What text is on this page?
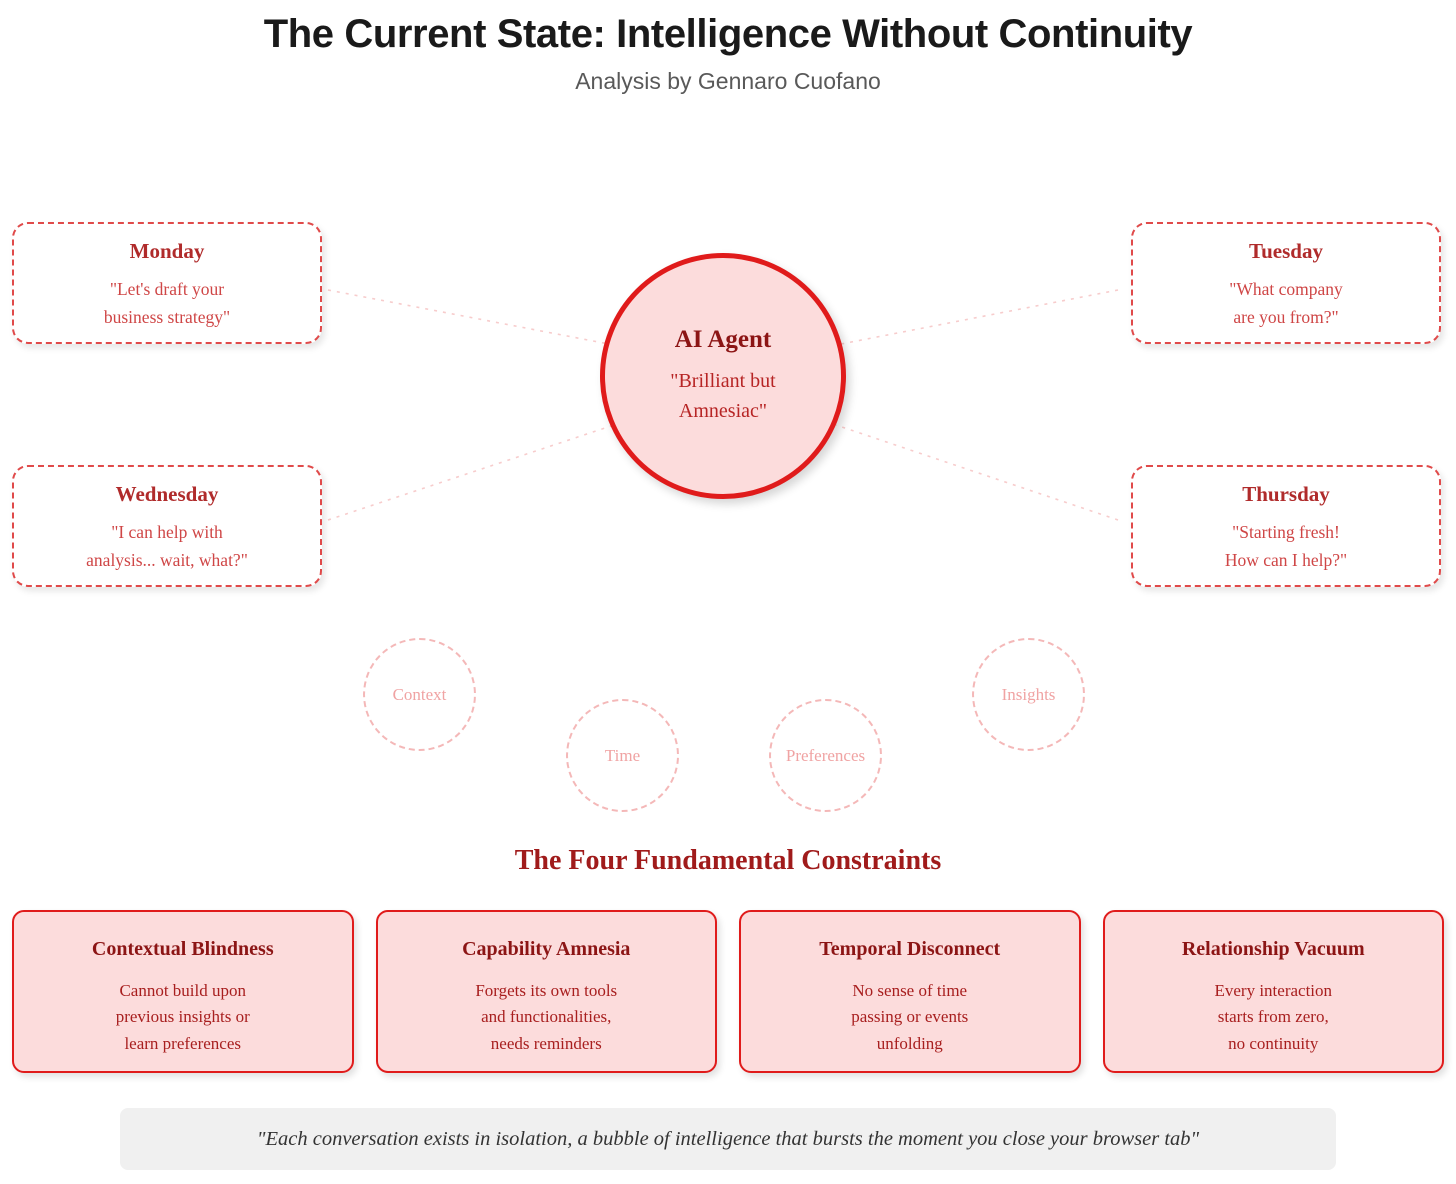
The Current State: Intelligence Without Continuity
Analysis by Gennaro Cuofano
Monday
"Let's draft your
business strategy"
Tuesday
"What company
are you from?"
Wednesday
"I can help with
analysis... wait, what?"
Thursday
"Starting fresh!
How can I help?"
AI Agent
"Brilliant but
Amnesiac"
Context
Time	Preferences
Insights
The Four Fundamental Constraints
Contextual Blindness
Cannot build upon
previous insights or
learn preferences
Capability Amnesia
Forgets its own tools
and functionalities,
needs reminders
Temporal Disconnect
No sense of time
passing or events
unfolding
Relationship Vacuum
Every interaction
starts from zero,
no continuity
"Each conversation exists in isolation, a bubble of intelligence that bursts the moment you close your browser tab"
